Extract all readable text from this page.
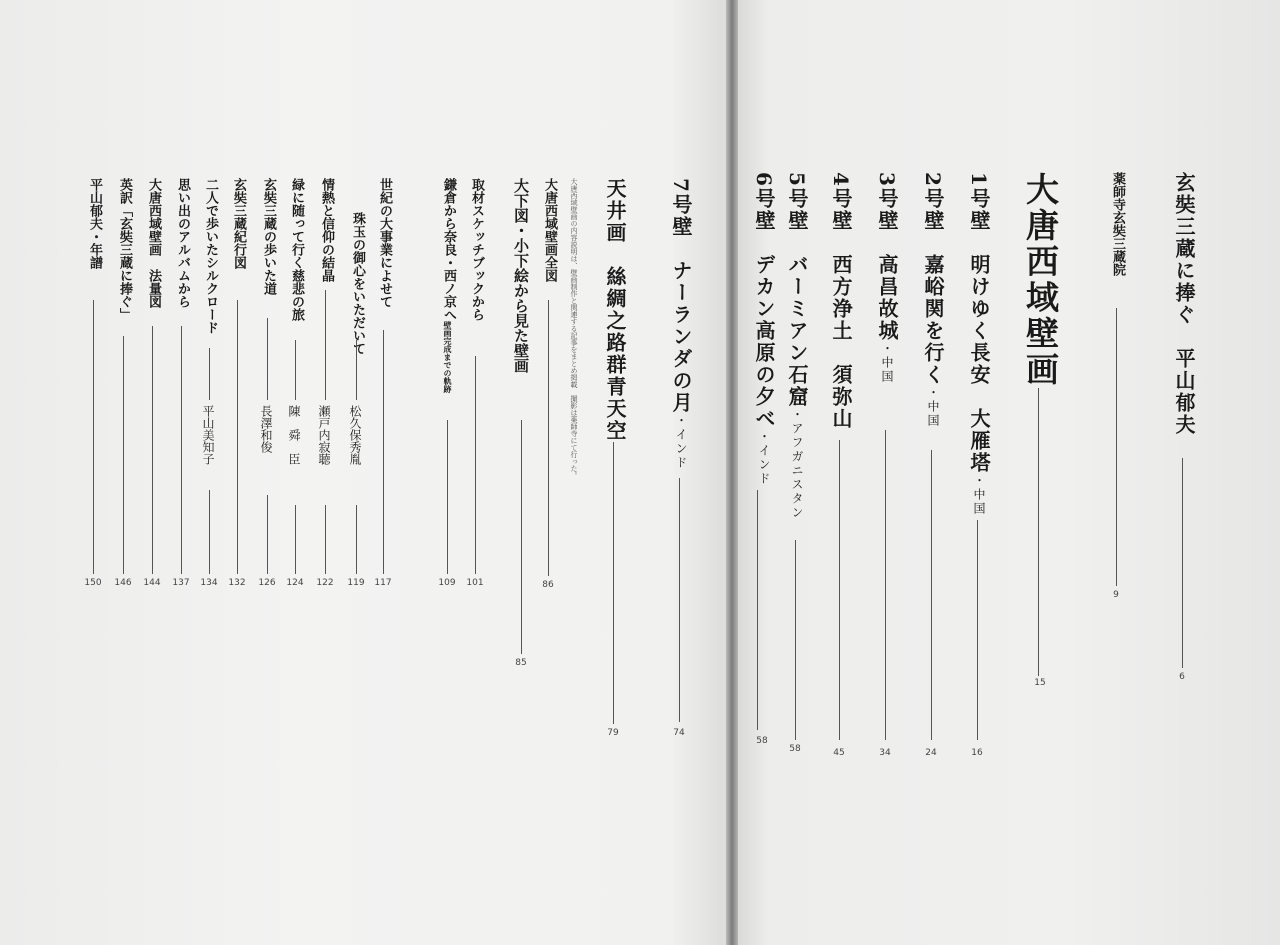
玄奘三蔵に捧ぐ　平山郁夫
6
薬師寺玄奘三蔵院
9
大唐西域壁画
15
1号壁　明けゆく長安　大雁塔・中国
16
2号壁　嘉峪関を行く・中国
24
3号壁　高昌故城・中国
34
4号壁　西方浄土　須弥山
45
5号壁　バーミアン石窟・アフガニスタン
58
6号壁　デカン高原の夕べ・インド
58
7号壁　ナーランダの月・インド
74
天井画　絲綢之路群青天空
79
大唐西域壁画の内容説明は、壁画制作と関連する記事をまとめ掲載　撮影は薬師寺にて行った。
大下図・小下絵から見た壁画
85
大唐西域壁画全図
86
取材スケッチブックから
101
鎌倉から奈良・西ノ京へ壁画完成までの軌跡
109
世紀の大事業によせて
117
珠玉の御心をいただいて
松久保秀胤
119
情熱と信仰の結晶
瀬戸内寂聴
122
緑に随って行く慈悲の旅
陳　舜　臣
124
玄奘三蔵の歩いた道
長澤和俊
126
玄奘三蔵紀行図
132
二人で歩いたシルクロード
平山美知子
134
思い出のアルバムから
137
大唐西域壁画　法量図
144
英訳「玄奘三蔵に捧ぐ」
146
平山郁夫・年譜
150
